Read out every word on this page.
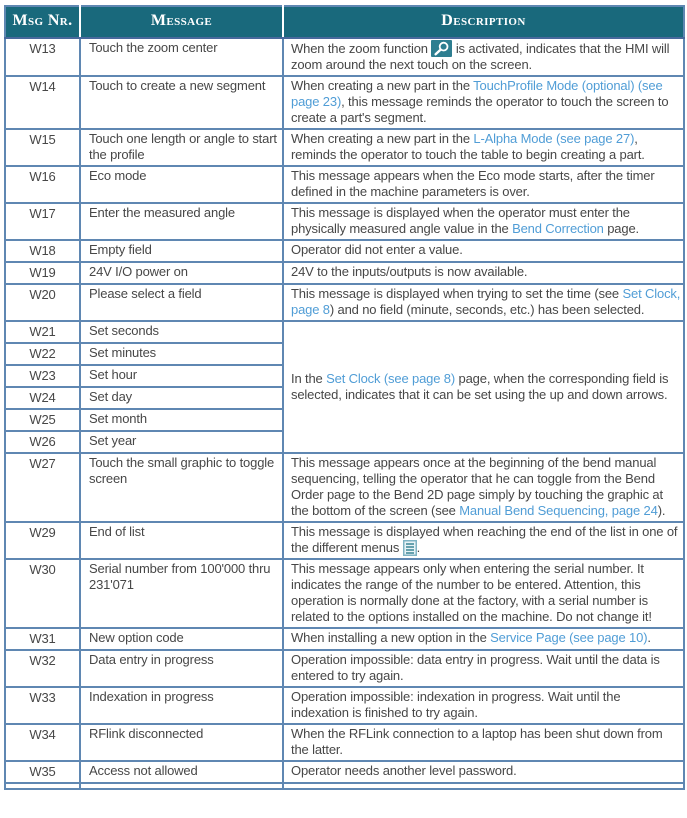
Msg Nr.	Message	Description
W13	Touch the zoom center	When the zoom function  is activated, indicates that the HMI will zoom around the next touch on the screen.
W14	Touch to create a new segment	When creating a new part in the TouchProfile Mode (optional) (see page 23), this message reminds the operator to touch the screen to create a part's segment.
W15	Touch one length or angle to start the profile	When creating a new part in the L-Alpha Mode (see page 27), reminds the operator to touch the table to begin creating a part.
W16	Eco mode	This message appears when the Eco mode starts, after the timer defined in the machine parameters is over.
W17	Enter the measured angle	This message is displayed when the operator must enter the physically measured angle value in the Bend Correction page.
W18	Empty field	Operator did not enter a value.
W19	24V I/O power on	24V to the inputs/outputs is now available.
W20	Please select a field	This message is displayed when trying to set the time (see Set Clock, page 8) and no field (minute, seconds, etc.) has been selected.
W21	Set seconds	In the Set Clock (see page 8) page, when the corresponding field is selected, indicates that it can be set using the up and down arrows.
W22	Set minutes	
W23	Set hour	
W24	Set day	
W25	Set month	
W26	Set year	
W27	Touch the small graphic to toggle screen	This message appears once at the beginning of the bend manual sequencing, telling the operator that he can toggle from the Bend Order page to the Bend 2D page simply by touching the graphic at the bottom of the screen (see Manual Bend Sequencing, page 24).
W29	End of list	This message is displayed when reaching the end of the list in one of the different menus .
W30	Serial number from 100'000 thru 231'071	This message appears only when entering the serial number. It indicates the range of the number to be entered. Attention, this operation is normally done at the factory, with a serial number is related to the options installed on the machine. Do not change it!
W31	New option code	When installing a new option in the Service Page (see page 10).
W32	Data entry in progress	Operation impossible: data entry in progress. Wait until the data is entered to try again.
W33	Indexation in progress	Operation impossible: indexation in progress. Wait until the indexation is finished to try again.
W34	RFlink disconnected	When the RFLink connection to a laptop has been shut down from the latter.
W35	Access not allowed	Operator needs another level password.
